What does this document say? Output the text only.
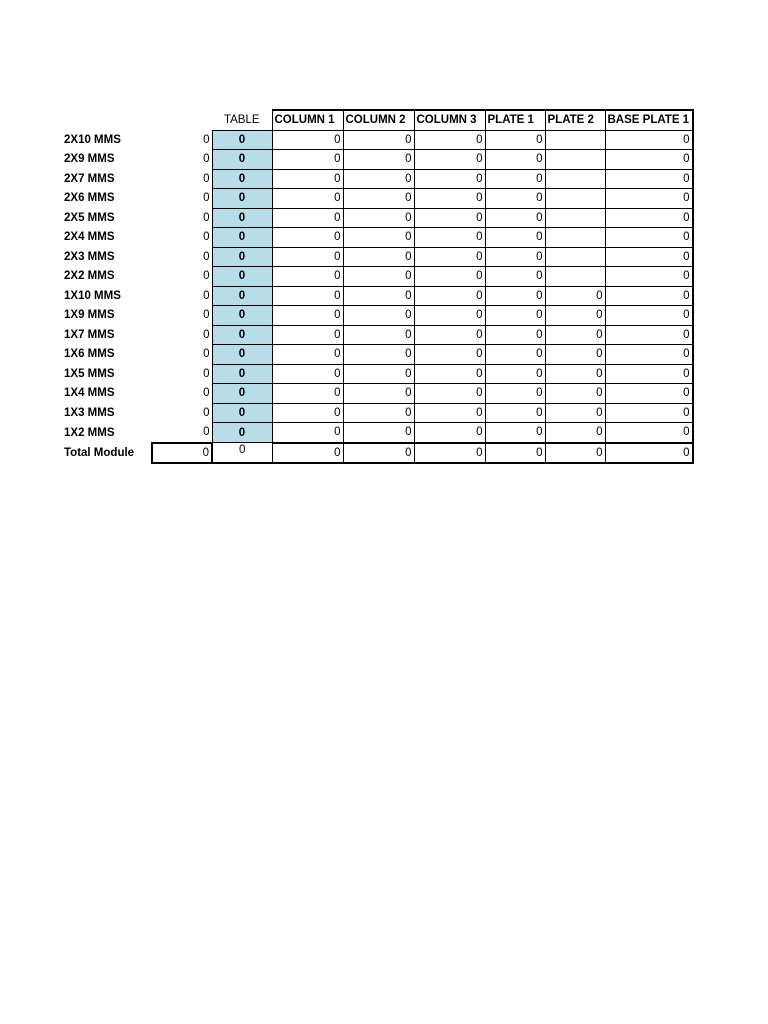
		TABLE	COLUMN 1	COLUMN 2	COLUMN 3	PLATE 1	PLATE 2	BASE PLATE 1
2X10 MMS	0	0	0	0	0	0		0
2X9 MMS	0	0	0	0	0	0		0
2X7 MMS	0	0	0	0	0	0		0
2X6 MMS	0	0	0	0	0	0		0
2X5 MMS	0	0	0	0	0	0		0
2X4 MMS	0	0	0	0	0	0		0
2X3 MMS	0	0	0	0	0	0		0
2X2 MMS	0	0	0	0	0	0		0
1X10 MMS	0	0	0	0	0	0	0	0
1X9 MMS	0	0	0	0	0	0	0	0
1X7 MMS	0	0	0	0	0	0	0	0
1X6 MMS	0	0	0	0	0	0	0	0
1X5 MMS	0	0	0	0	0	0	0	0
1X4 MMS	0	0	0	0	0	0	0	0
1X3 MMS	0	0	0	0	0	0	0	0
1X2 MMS	0	0	0	0	0	0	0	0
Total Module	0	0	0	0	0	0	0	0
